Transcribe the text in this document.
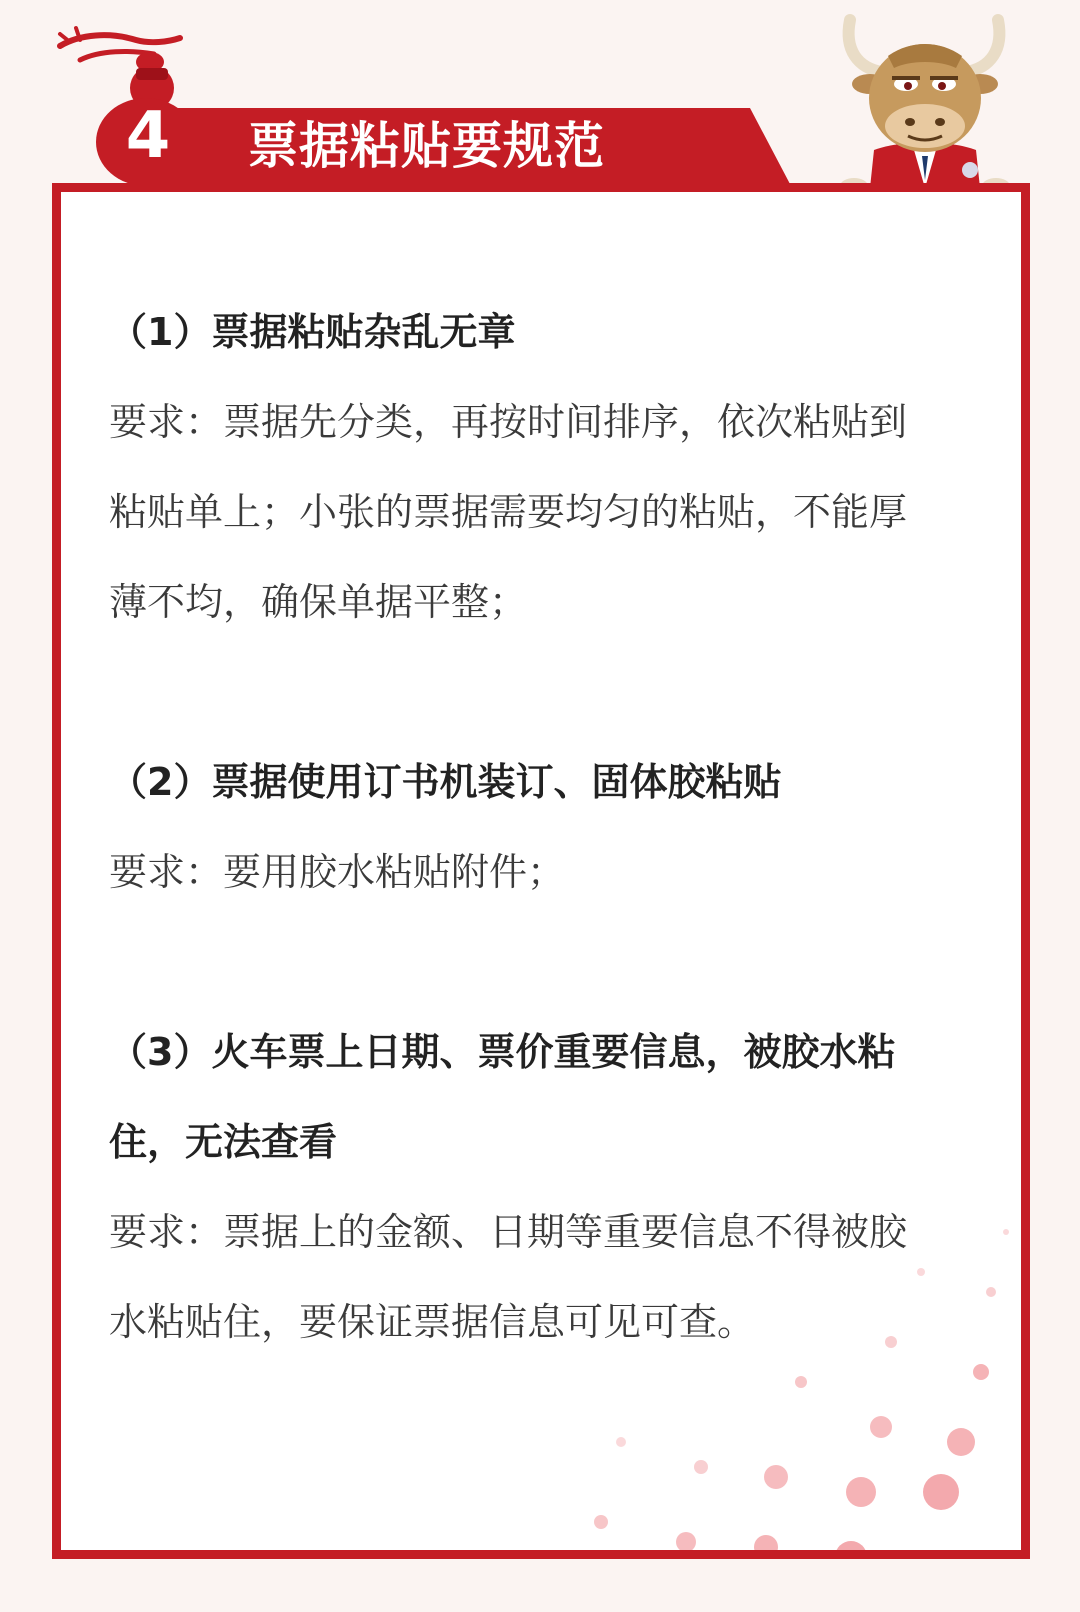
4 票据粘贴要规范

（1）票据粘贴杂乱无章

要求：票据先分类，再按时间排序，依次粘贴到

粘贴单上；小张的票据需要均匀的粘贴，不能厚

薄不均，确保单据平整；

（2）票据使用订书机装订、固体胶粘贴

要求：要用胶水粘贴附件；

（3）火车票上日期、票价重要信息，被胶水粘

住，无法查看

要求：票据上的金额、日期等重要信息不得被胶

水粘贴住，要保证票据信息可见可查。
